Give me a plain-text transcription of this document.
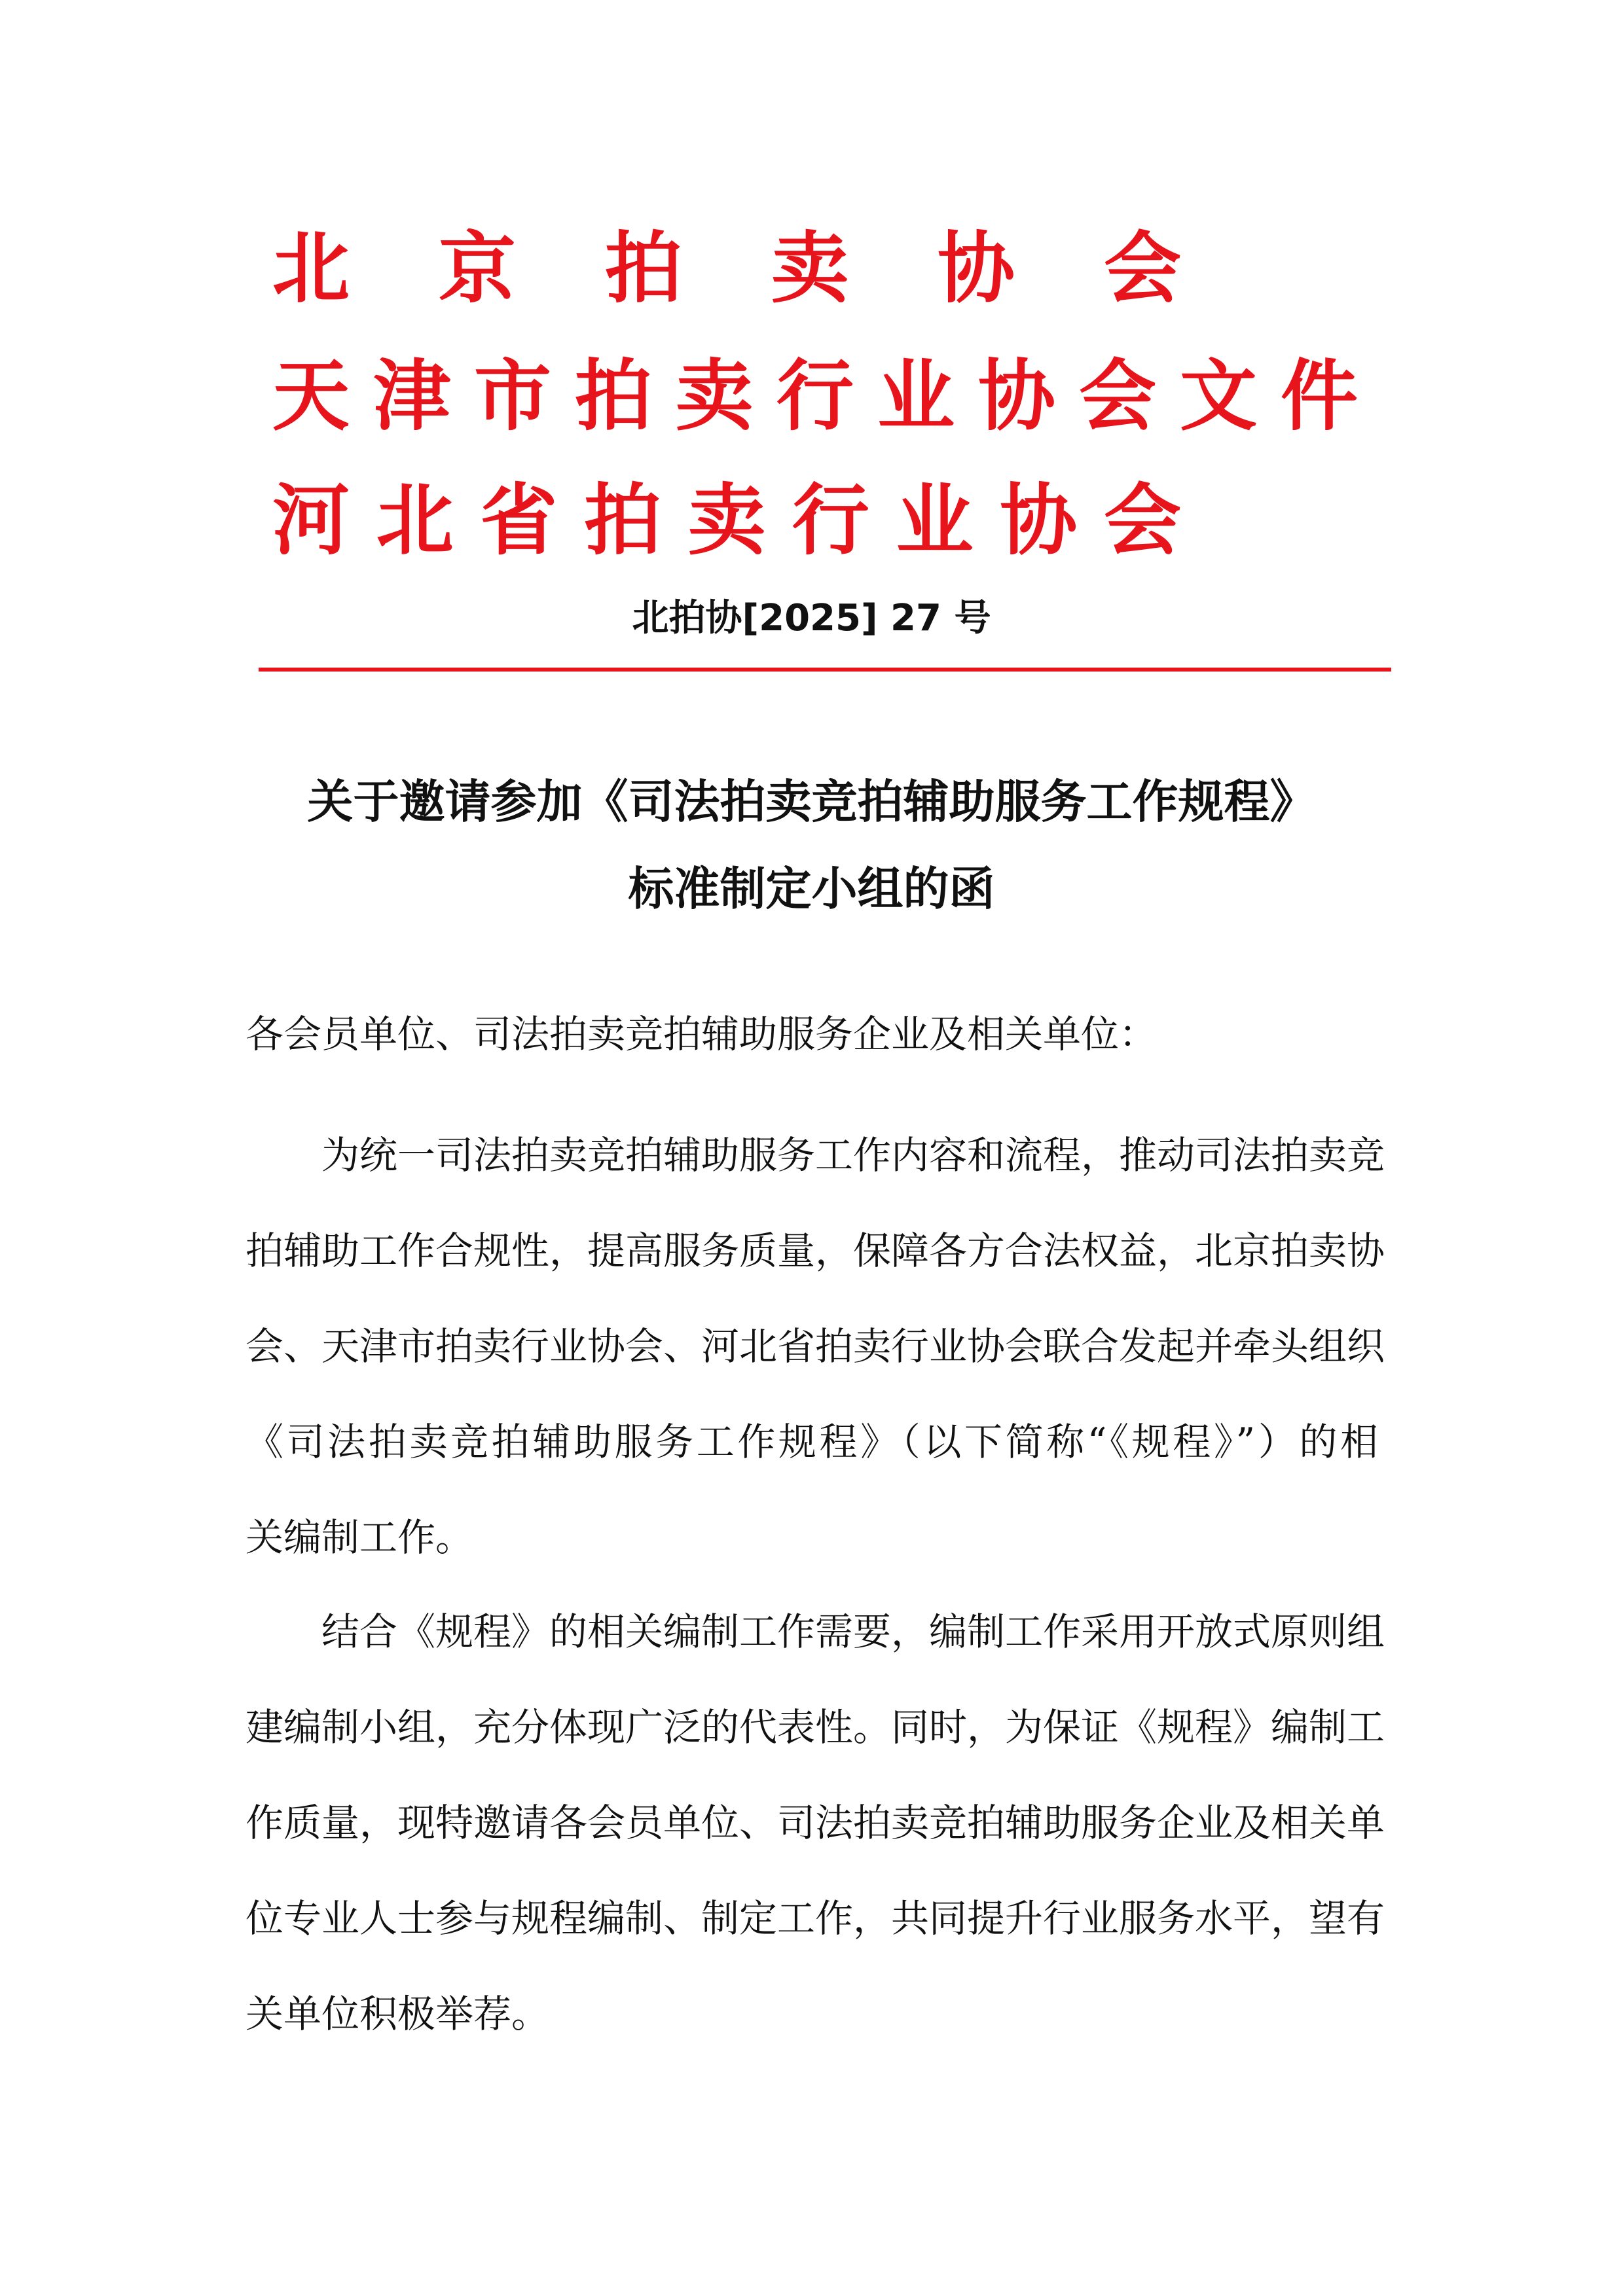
北 京 拍 卖 协 会
天 津 市 拍 卖 行 业 协 会 文 件
河 北 省 拍 卖 行 业 协 会
北拍协[2025] 27 号
关于邀请参加《司法拍卖竞拍辅助服务工作规程》
标准制定小组的函
各会员单位、司法拍卖竞拍辅助服务企业及相关单位：
为统一司法拍卖竞拍辅助服务工作内容和流程，推动司法拍卖竞
拍辅助工作合规性，提高服务质量，保障各方合法权益，北京拍卖协
会、天津市拍卖行业协会、河北省拍卖行业协会联合发起并牵头组织
《司法拍卖竞拍辅助服务工作规程》（以下简称“《规程》”）的相
关编制工作。
结合《规程》的相关编制工作需要，编制工作采用开放式原则组
建编制小组，充分体现广泛的代表性。同时，为保证《规程》编制工
作质量，现特邀请各会员单位、司法拍卖竞拍辅助服务企业及相关单
位专业人士参与规程编制、制定工作，共同提升行业服务水平，望有
关单位积极举荐。
